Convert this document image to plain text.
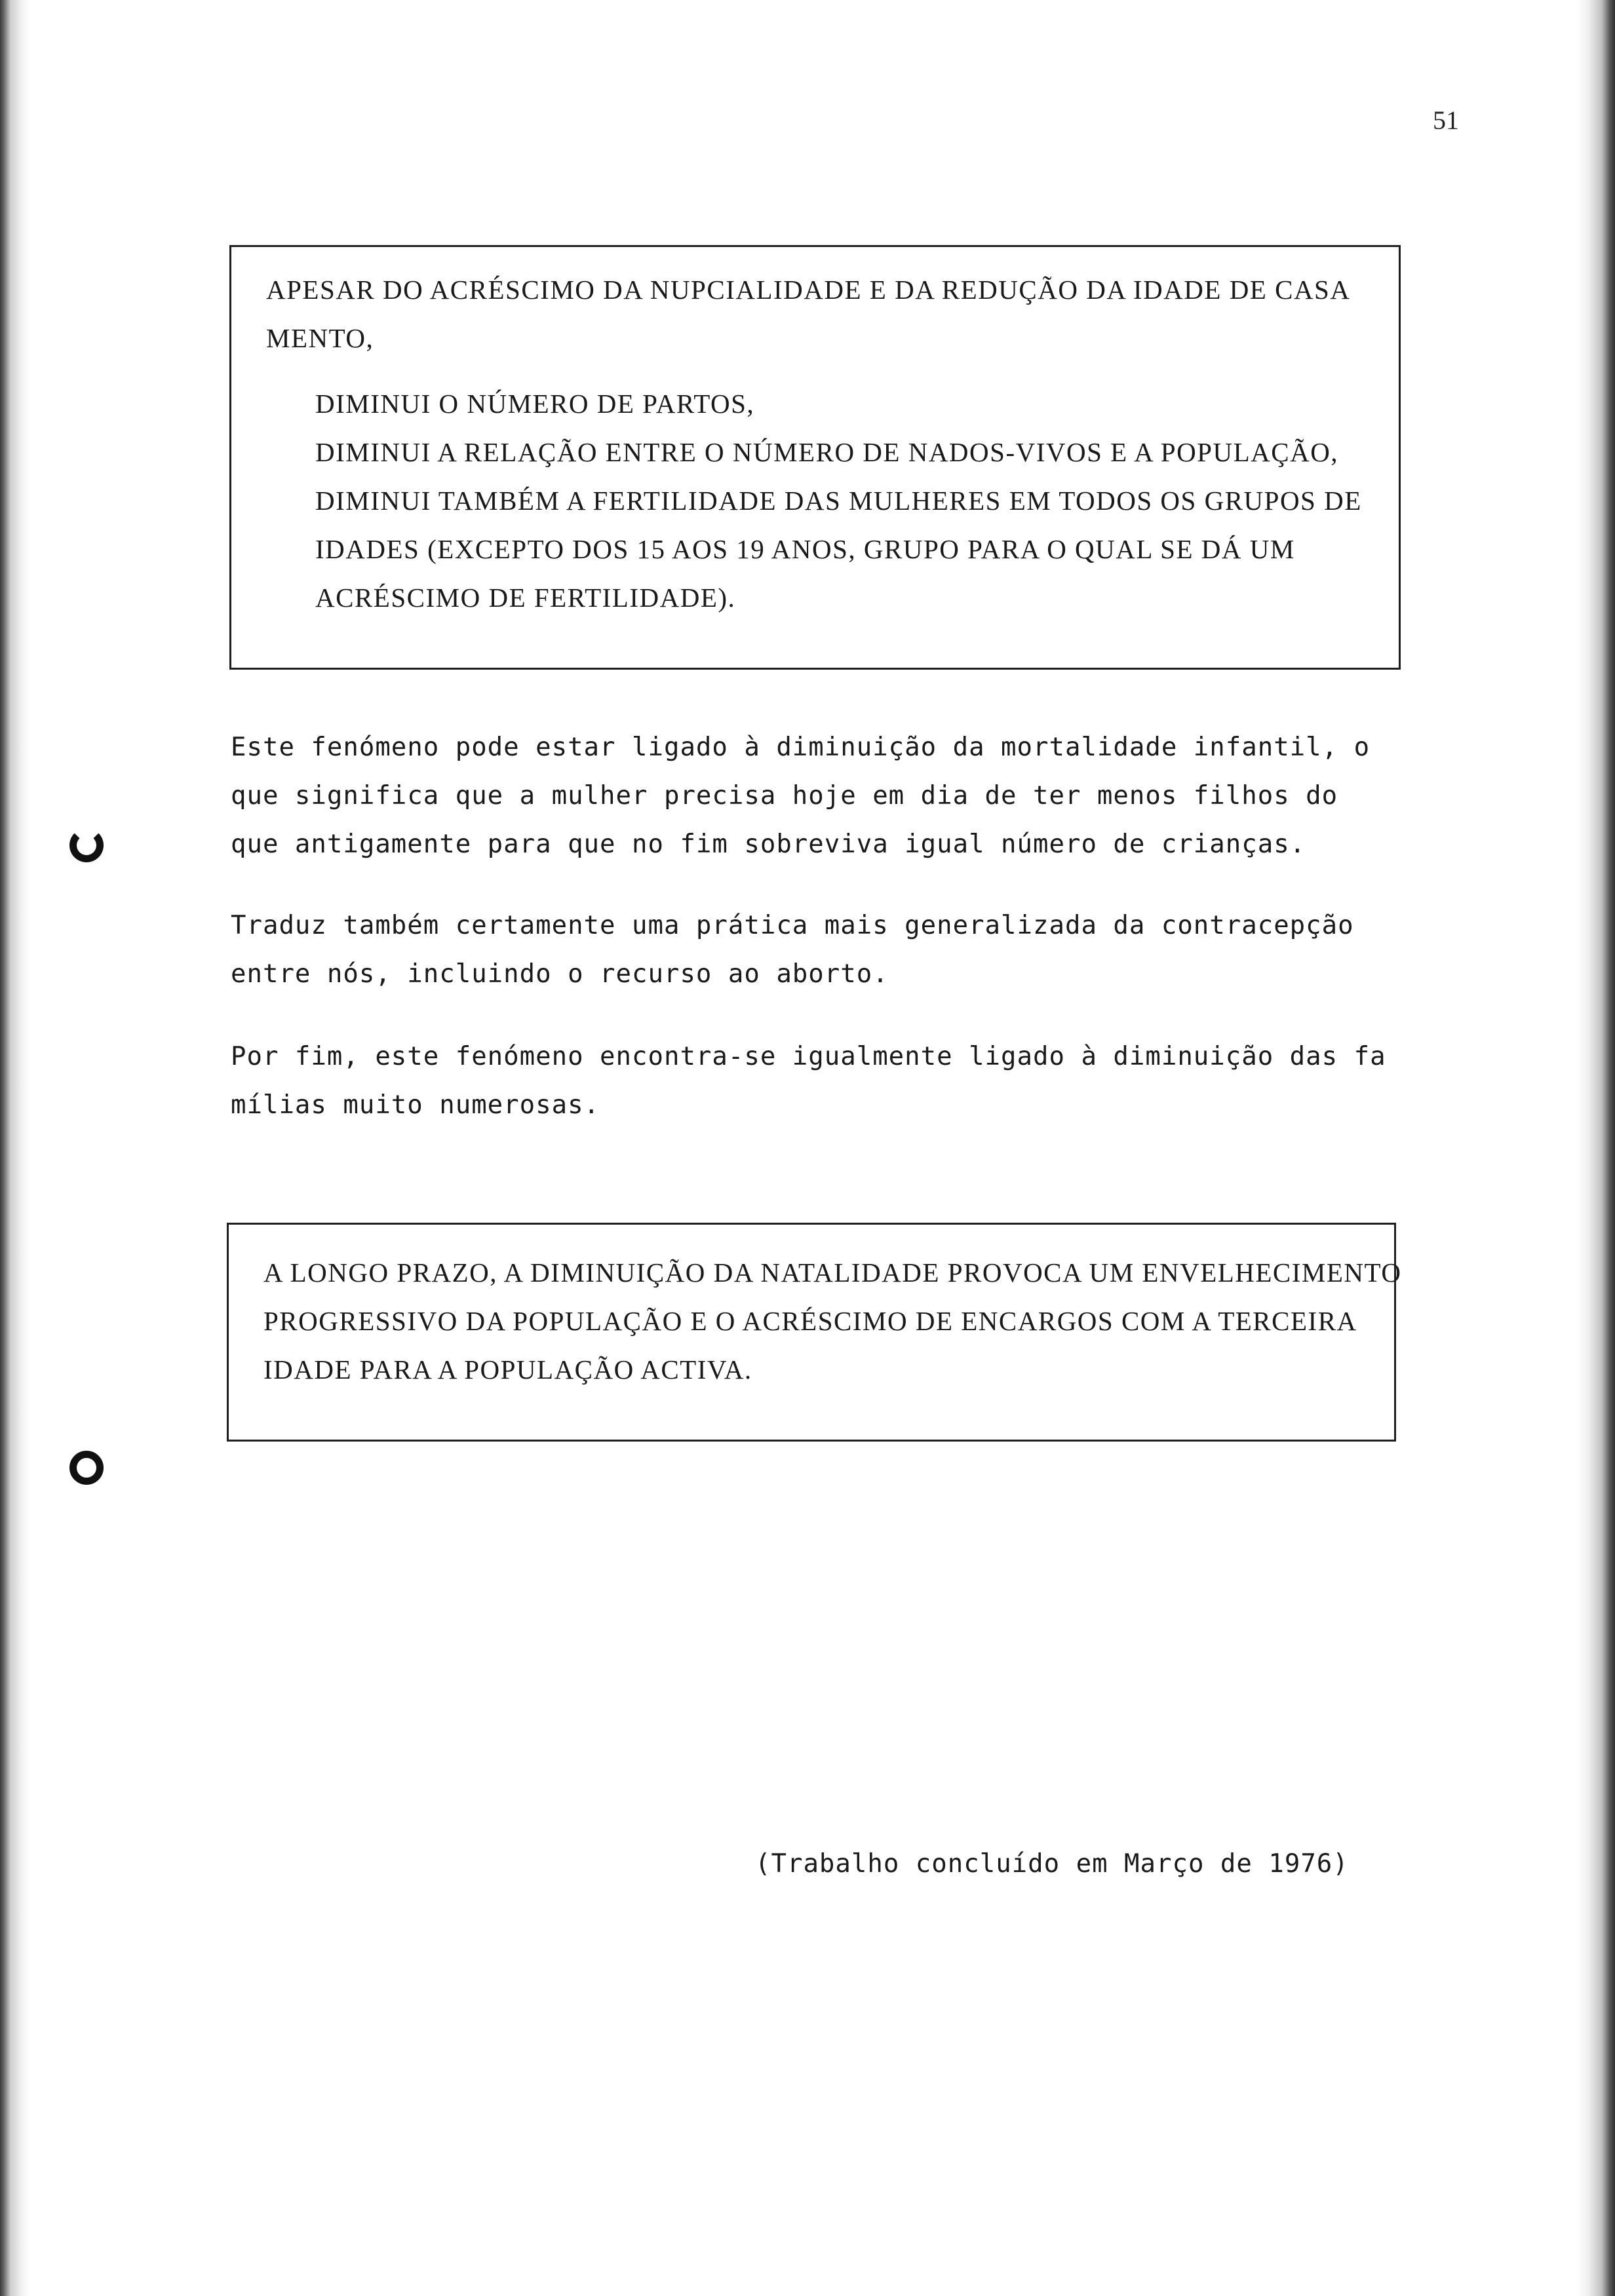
51
APESAR DO ACRÉSCIMO DA NUPCIALIDADE E DA REDUÇÃO DA IDADE DE CASA
MENTO,
DIMINUI O NÚMERO DE PARTOS,
DIMINUI A RELAÇÃO ENTRE O NÚMERO DE NADOS-VIVOS E A POPULAÇÃO,
DIMINUI TAMBÉM A FERTILIDADE DAS MULHERES EM TODOS OS GRUPOS DE
IDADES (EXCEPTO DOS 15 AOS 19 ANOS, GRUPO PARA O QUAL SE DÁ UM
ACRÉSCIMO DE FERTILIDADE).
Este fenómeno pode estar ligado à diminuição da mortalidade infantil, o
que significa que a mulher precisa hoje em dia de ter menos filhos do
que antigamente para que no fim sobreviva igual número de crianças.
Traduz também certamente uma prática mais generalizada da contracepção
entre nós, incluindo o recurso ao aborto.
Por fim, este fenómeno encontra-se igualmente ligado à diminuição das fa
mílias muito numerosas.
A LONGO PRAZO, A DIMINUIÇÃO DA NATALIDADE PROVOCA UM ENVELHECIMENTO
PROGRESSIVO DA POPULAÇÃO E O ACRÉSCIMO DE ENCARGOS COM A TERCEIRA
IDADE PARA A POPULAÇÃO ACTIVA.
(Trabalho concluído em Março de 1976)
